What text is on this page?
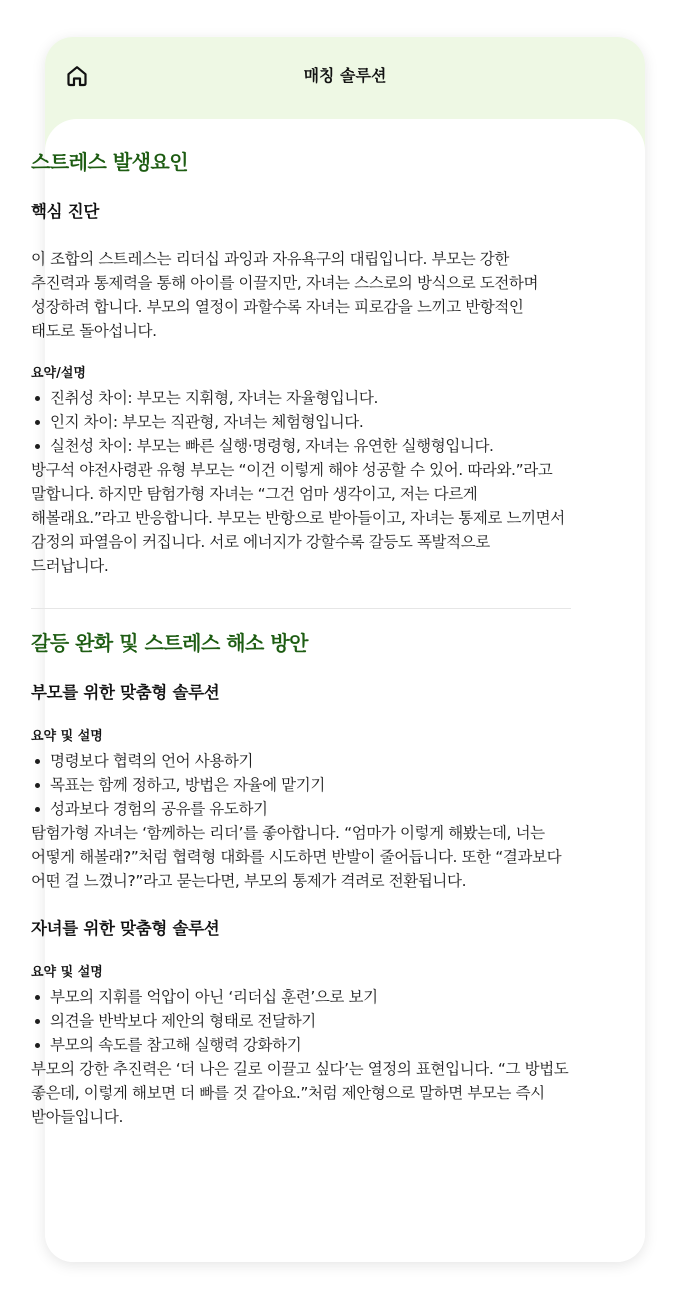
매칭 솔루션
스트레스 발생요인
핵심 진단

이 조합의 스트레스는 리더십 과잉과 자유욕구의 대립입니다. 부모는 강한 추진력과 통제력을 통해 아이를 이끌지만, 자녀는 스스로의 방식으로 도전하며 성장하려 합니다. 부모의 열정이 과할수록 자녀는 피로감을 느끼고 반항적인 태도로 돌아섭니다.

요약/설명
진취성 차이: 부모는 지휘형, 자녀는 자율형입니다.
인지 차이: 부모는 직관형, 자녀는 체험형입니다.
실천성 차이: 부모는 빠른 실행·명령형, 자녀는 유연한 실행형입니다.

방구석 야전사령관 유형 부모는 “이건 이렇게 해야 성공할 수 있어. 따라와.”라고 말합니다. 하지만 탐험가형 자녀는 “그건 엄마 생각이고, 저는 다르게 해볼래요.”라고 반응합니다. 부모는 반항으로 받아들이고, 자녀는 통제로 느끼면서 감정의 파열음이 커집니다. 서로 에너지가 강할수록 갈등도 폭발적으로 드러납니다.

갈등 완화 및 스트레스 해소 방안
부모를 위한 맞춤형 솔루션
요약 및 설명
명령보다 협력의 언어 사용하기
목표는 함께 정하고, 방법은 자율에 맡기기
성과보다 경험의 공유를 유도하기

탐험가형 자녀는 ‘함께하는 리더’를 좋아합니다. “엄마가 이렇게 해봤는데, 너는 어떻게 해볼래?”처럼 협력형 대화를 시도하면 반발이 줄어듭니다. 또한 “결과보다 어떤 걸 느꼈니?”라고 묻는다면, 부모의 통제가 격려로 전환됩니다.

자녀를 위한 맞춤형 솔루션
요약 및 설명
부모의 지휘를 억압이 아닌 ‘리더십 훈련’으로 보기
의견을 반박보다 제안의 형태로 전달하기
부모의 속도를 참고해 실행력 강화하기

부모의 강한 추진력은 ‘더 나은 길로 이끌고 싶다’는 열정의 표현입니다. “그 방법도 좋은데, 이렇게 해보면 더 빠를 것 같아요.”처럼 제안형으로 말하면 부모는 즉시 받아들입니다.
